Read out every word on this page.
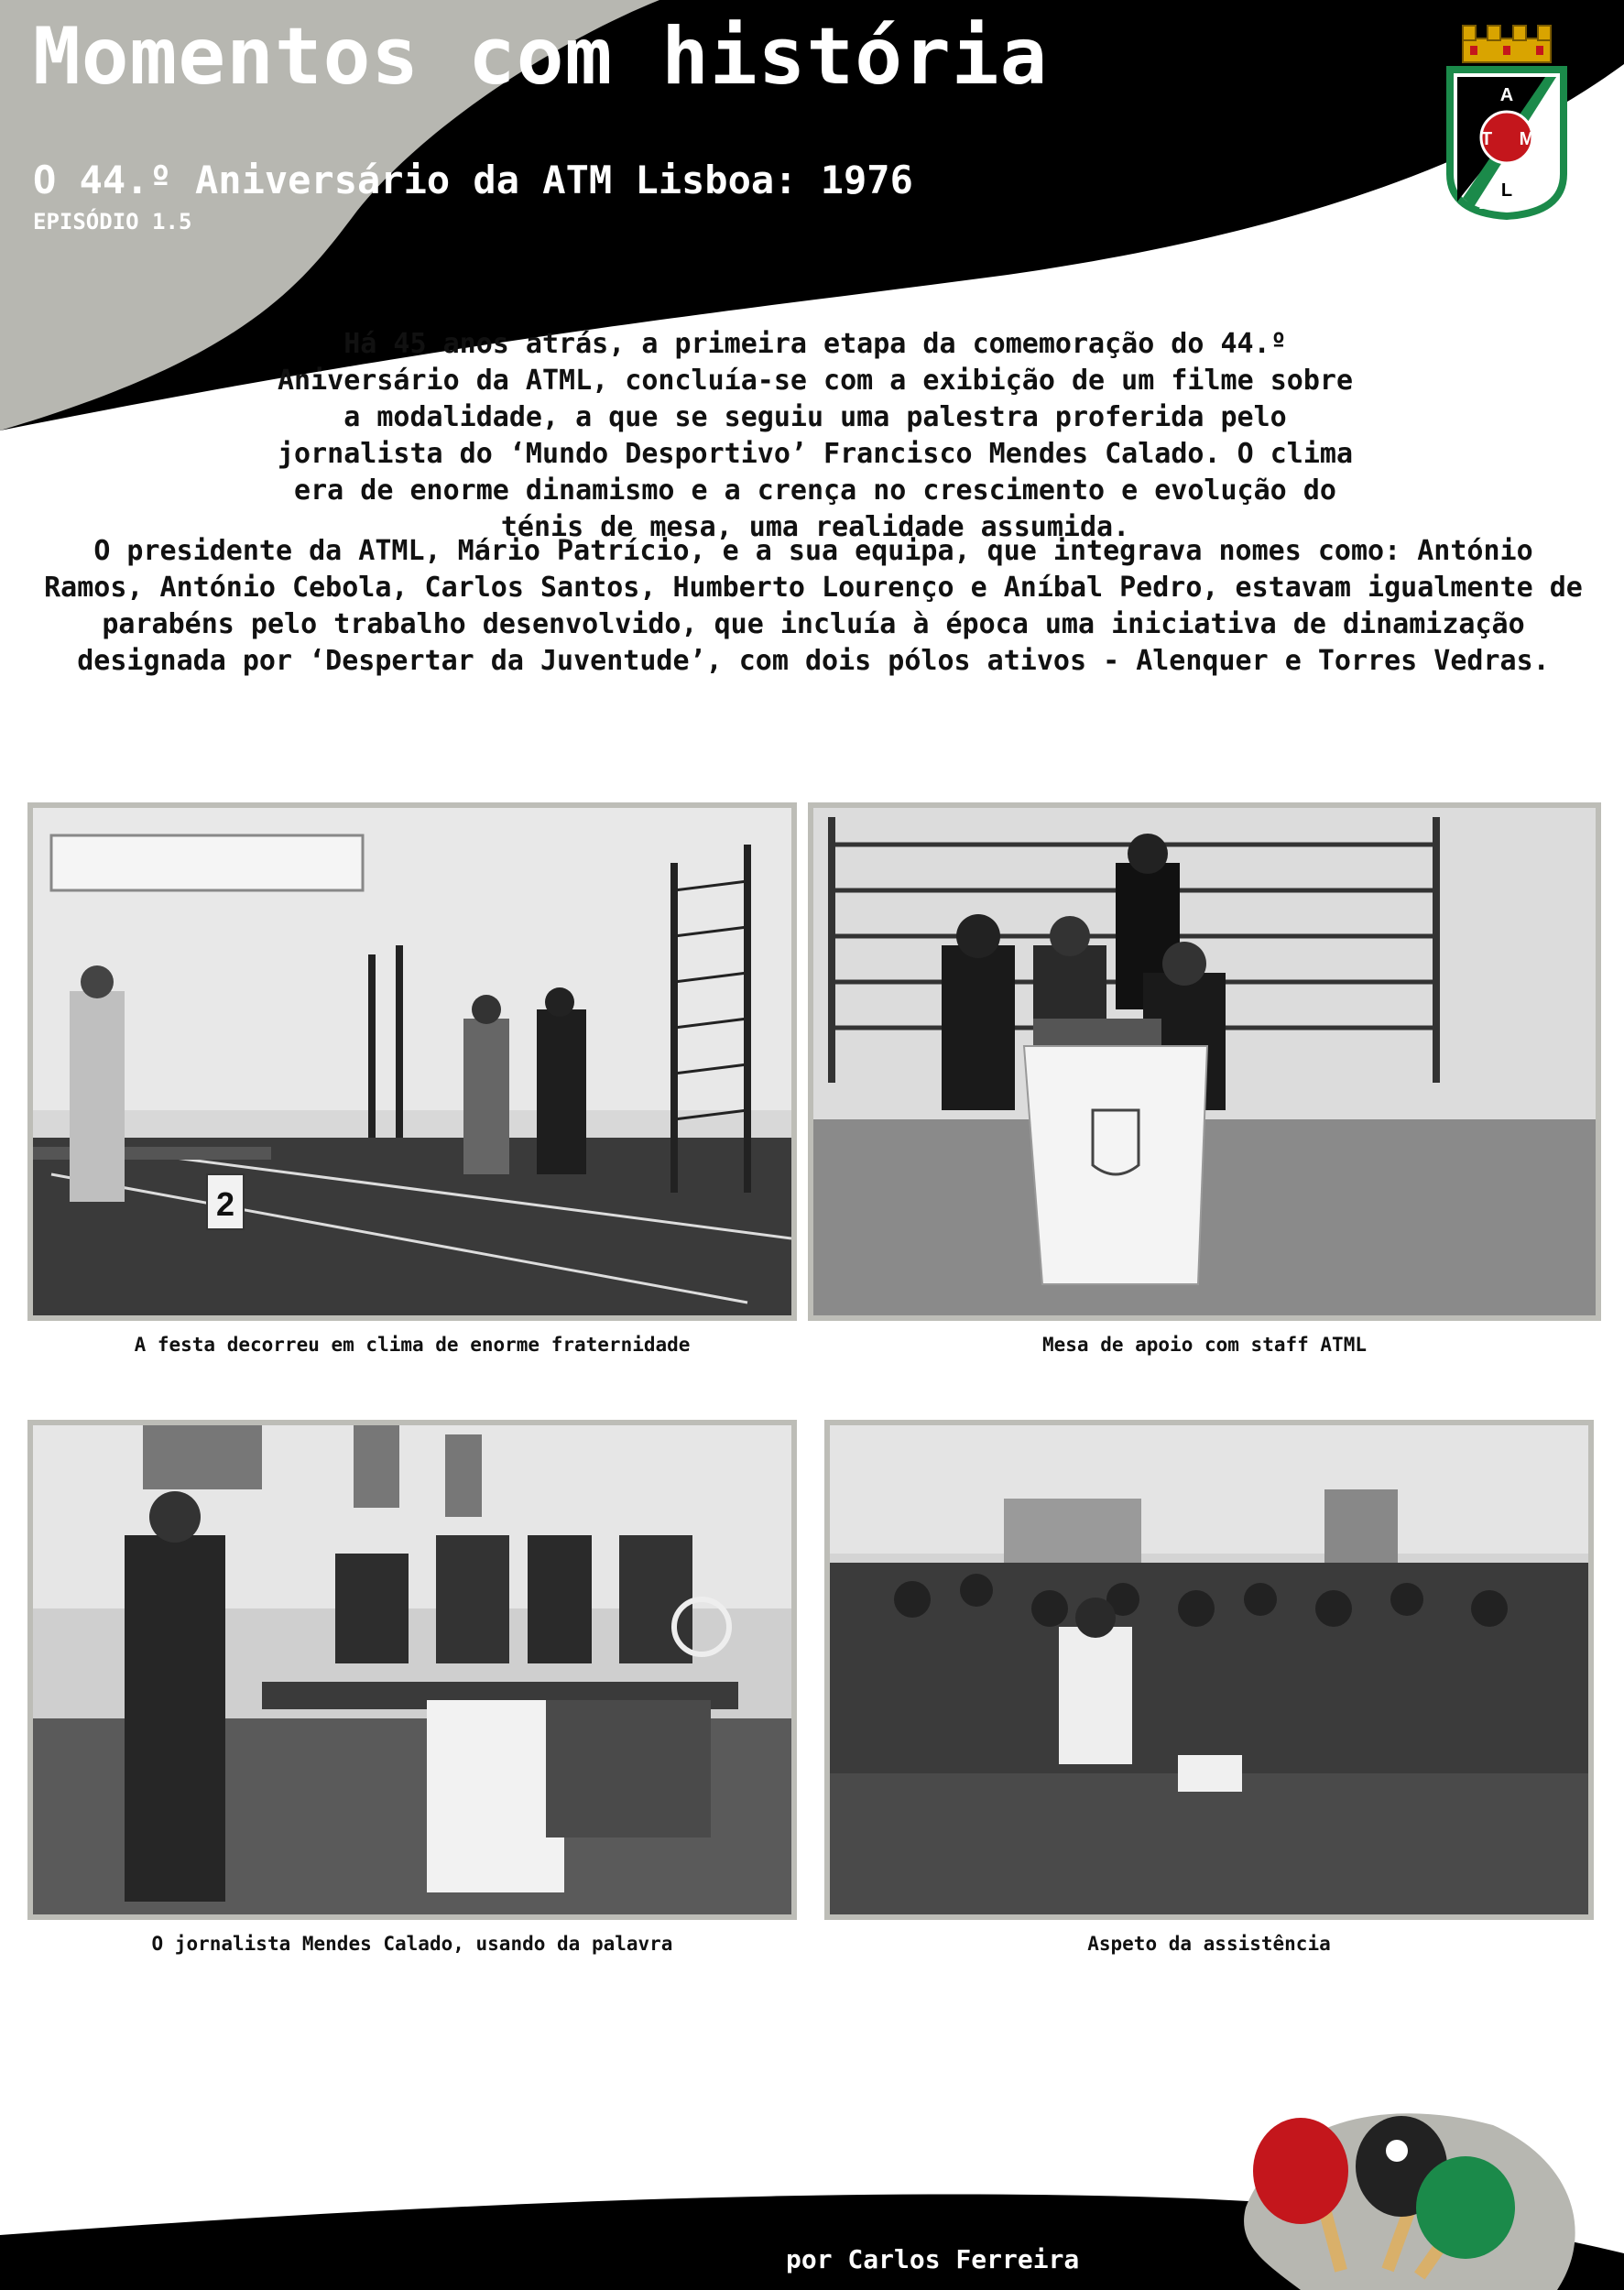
Momentos com história
O 44.º Aniversário da ATM Lisboa: 1976
EPISÓDIO 1.5
A
T M
L

Há 45 anos atrás, a primeira etapa da comemoração do 44.º Aniversário da ATML, concluía-se com a exibição de um filme sobre a modalidade, a que se seguiu uma palestra proferida pelo jornalista do ‘Mundo Desportivo’ Francisco Mendes Calado. O clima era de enorme dinamismo e a crença no crescimento e evolução do ténis de mesa, uma realidade assumida.

O presidente da ATML, Mário Patrício, e a sua equipa, que integrava nomes como: António Ramos, António Cebola, Carlos Santos, Humberto Lourenço e Aníbal Pedro, estavam igualmente de parabéns pelo trabalho desenvolvido, que incluía à época uma iniciativa de dinamização designada por ‘Despertar da Juventude’, com dois pólos ativos - Alenquer e Torres Vedras.

2
A festa decorreu em clima de enorme fraternidade	Mesa de apoio com staff ATML
O jornalista Mendes Calado, usando da palavra	Aspeto da assistência
por Carlos Ferreira
